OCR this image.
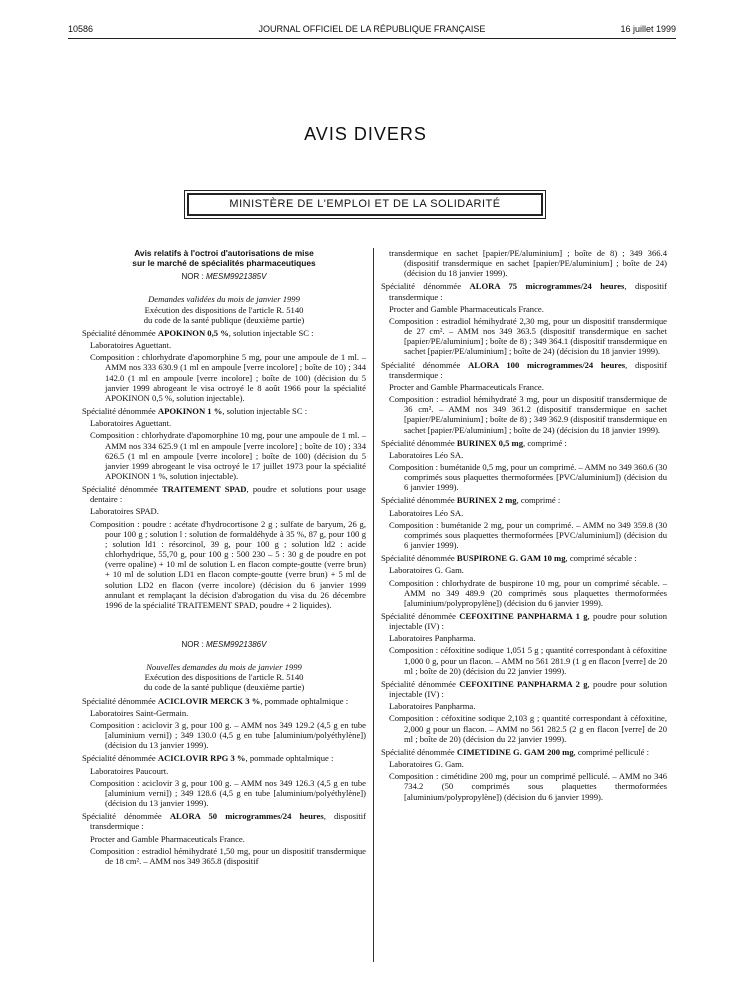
10586	JOURNAL OFFICIEL DE LA RÉPUBLIQUE FRANÇAISE	16 juillet 1999
AVIS DIVERS
MINISTÈRE DE L'EMPLOI ET DE LA SOLIDARITÉ

Avis relatifs à l'octroi d'autorisations de mise

sur le marché de spécialités pharmaceutiques

NOR : MESM9921385V

Demandes validées du mois de janvier 1999

Exécution des dispositions de l'article R. 5140

du code de la santé publique (deuxième partie)

Spécialité dénommée APOKINON 0,5 %, solution injectable SC :

Laboratoires Aguettant.

Composition : chlorhydrate d'apomorphine 5 mg, pour une ampoule de 1 ml. – AMM nos 333 630.9 (1 ml en ampoule [verre incolore] ; boîte de 10) ; 344 142.0 (1 ml en ampoule [verre incolore] ; boîte de 100) (décision du 5 janvier 1999 abrogeant le visa octroyé le 8 août 1966 pour la spécialité APOKINON 0,5 %, solution injectable).

Spécialité dénommée APOKINON 1 %, solution injectable SC :

Laboratoires Aguettant.

Composition : chlorhydrate d'apomorphine 10 mg, pour une ampoule de 1 ml. – AMM nos 334 625.9 (1 ml en ampoule [verre incolore] ; boîte de 10) ; 334 626.5 (1 ml en ampoule [verre incolore] ; boîte de 100) (décision du 5 janvier 1999 abrogeant le visa octroyé le 17 juillet 1973 pour la spécialité APOKINON 1 %, solution injectable).

Spécialité dénommée TRAITEMENT SPAD, poudre et solutions pour usage dentaire :

Laboratoires SPAD.

Composition : poudre : acétate d'hydrocortisone 2 g ; sulfate de baryum, 26 g, pour 100 g ; solution l : solution de formaldéhyde à 35 %, 87 g, pour 100 g ; solution ld1 : résorcinol, 39 g, pour 100 g ; solution ld2 : acide chlorhydrique, 55,70 g, pour 100 g : 500 230 – 5 : 30 g de poudre en pot (verre opaline) + 10 ml de solution L en flacon compte-goutte (verre brun) + 10 ml de solution LD1 en flacon compte-goutte (verre brun) + 5 ml de solution LD2 en flacon (verre incolore) (décision du 6 janvier 1999 annulant et remplaçant la décision d'abrogation du visa du 26 décembre 1996 de la spécialité TRAITEMENT SPAD, poudre + 2 liquides).

NOR : MESM9921386V

Nouvelles demandes du mois de janvier 1999

Exécution des dispositions de l'article R. 5140

du code de la santé publique (deuxième partie)

Spécialité dénommée ACICLOVIR MERCK 3 %, pommade ophtalmique :

Laboratoires Saint-Germain.

Composition : aciclovir 3 g, pour 100 g. – AMM nos 349 129.2 (4,5 g en tube [aluminium verni]) ; 349 130.0 (4,5 g en tube [aluminium/polyéthylène]) (décision du 13 janvier 1999).

Spécialité dénommée ACICLOVIR RPG 3 %, pommade ophtalmique :

Laboratoires Paucourt.

Composition : aciclovir 3 g, pour 100 g. – AMM nos 349 126.3 (4,5 g en tube [aluminium verni]) ; 349 128.6 (4,5 g en tube [aluminium/polyéthylène]) (décision du 13 janvier 1999).

Spécialité dénommée ALORA 50 microgrammes/24 heures, dispositif transdermique :

Procter and Gamble Pharmaceuticals France.

Composition : estradiol hémihydraté 1,50 mg, pour un dispositif transdermique de 18 cm². – AMM nos 349 365.8 (dispositif

transdermique en sachet [papier/PE/aluminium] ; boîte de 8) ; 349 366.4 (dispositif transdermique en sachet [papier/PE/aluminium] ; boîte de 24) (décision du 18 janvier 1999).

Spécialité dénommée ALORA 75 microgrammes/24 heures, dispositif transdermique :

Procter and Gamble Pharmaceuticals France.

Composition : estradiol hémihydraté 2,30 mg, pour un dispositif transdermique de 27 cm². – AMM nos 349 363.5 (dispositif transdermique en sachet [papier/PE/aluminium] ; boîte de 8) ; 349 364.1 (dispositif transdermique en sachet [papier/PE/aluminium] ; boîte de 24) (décision du 18 janvier 1999).

Spécialité dénommée ALORA 100 microgrammes/24 heures, dispositif transdermique :

Procter and Gamble Pharmaceuticals France.

Composition : estradiol hémihydraté 3 mg, pour un dispositif transdermique de 36 cm². – AMM nos 349 361.2 (dispositif transdermique en sachet [papier/PE/aluminium] ; boîte de 8) ; 349 362.9 (dispositif transdermique en sachet [papier/PE/aluminium] ; boîte de 24) (décision du 18 janvier 1999).

Spécialité dénommée BURINEX 0,5 mg, comprimé :

Laboratoires Léo SA.

Composition : bumétanide 0,5 mg, pour un comprimé. – AMM no 349 360.6 (30 comprimés sous plaquettes thermoformées [PVC/aluminium]) (décision du 6 janvier 1999).

Spécialité dénommée BURINEX 2 mg, comprimé :

Laboratoires Léo SA.

Composition : bumétanide 2 mg, pour un comprimé. – AMM no 349 359.8 (30 comprimés sous plaquettes thermoformées [PVC/aluminium]) (décision du 6 janvier 1999).

Spécialité dénommée BUSPIRONE G. GAM 10 mg, comprimé sécable :

Laboratoires G. Gam.

Composition : chlorhydrate de buspirone 10 mg, pour un comprimé sécable. – AMM no 349 489.9 (20 comprimés sous plaquettes thermoformées [aluminium/polypropylène]) (décision du 6 janvier 1999).

Spécialité dénommée CEFOXITINE PANPHARMA 1 g, poudre pour solution injectable (IV) :

Laboratoires Panpharma.

Composition : céfoxitine sodique 1,051 5 g ; quantité correspondant à céfoxitine 1,000 0 g, pour un flacon. – AMM no 561 281.9 (1 g en flacon [verre] de 20 ml ; boîte de 20) (décision du 22 janvier 1999).

Spécialité dénommée CEFOXITINE PANPHARMA 2 g, poudre pour solution injectable (IV) :

Laboratoires Panpharma.

Composition : céfoxitine sodique 2,103 g ; quantité correspondant à céfoxitine, 2,000 g pour un flacon. – AMM no 561 282.5 (2 g en flacon [verre] de 20 ml ; boîte de 20) (décision du 22 janvier 1999).

Spécialité dénommée CIMETIDINE G. GAM 200 mg, comprimé pelliculé :

Laboratoires G. Gam.

Composition : cimétidine 200 mg, pour un comprimé pelliculé. – AMM no 346 734.2 (50 comprimés sous plaquettes thermoformées [aluminium/polypropylène]) (décision du 6 janvier 1999).
